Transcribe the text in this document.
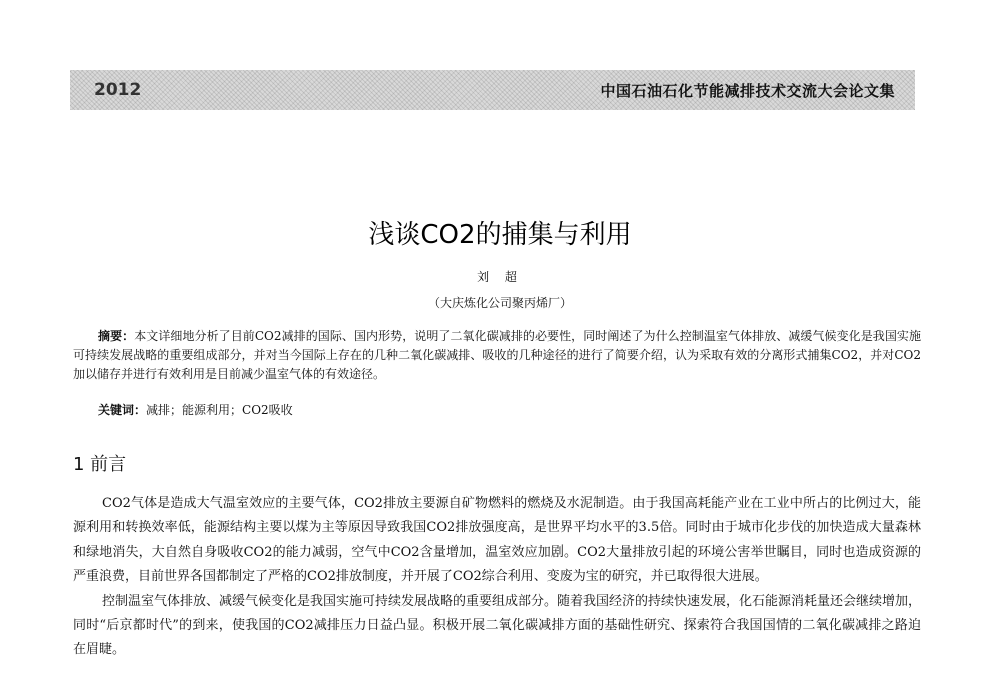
2012	中国石油石化节能减排技术交流大会论文集
浅谈CO2的捕集与利用
刘 超
（大庆炼化公司聚丙烯厂）
摘要：本文详细地分析了目前CO2减排的国际、国内形势，说明了二氧化碳减排的必要性，同时阐述了为什么控制温室气体排放、减缓气候变化是我国实施可持续发展战略的重要组成部分，并对当今国际上存在的几种二氧化碳减排、吸收的几种途径的进行了简要介绍，认为采取有效的分离形式捕集CO2，并对CO2加以储存并进行有效利用是目前减少温室气体的有效途径。
关键词：减排；能源利用；CO2吸收
1 前言

CO2气体是造成大气温室效应的主要气体，CO2排放主要源自矿物燃料的燃烧及水泥制造。由于我国高耗能产业在工业中所占的比例过大，能源利用和转换效率低，能源结构主要以煤为主等原因导致我国CO2排放强度高，是世界平均水平的3.5倍。同时由于城市化步伐的加快造成大量森林和绿地消失，大自然自身吸收CO2的能力减弱，空气中CO2含量增加，温室效应加剧。CO2大量排放引起的环境公害举世瞩目，同时也造成资源的严重浪费，目前世界各国都制定了严格的CO2排放制度，并开展了CO2综合利用、变废为宝的研究，并已取得很大进展。

控制温室气体排放、减缓气候变化是我国实施可持续发展战略的重要组成部分。随着我国经济的持续快速发展，化石能源消耗量还会继续增加，同时“后京都时代”的到来，使我国的CO2减排压力日益凸显。积极开展二氧化碳减排方面的基础性研究、探索符合我国国情的二氧化碳减排之路迫在眉睫。
